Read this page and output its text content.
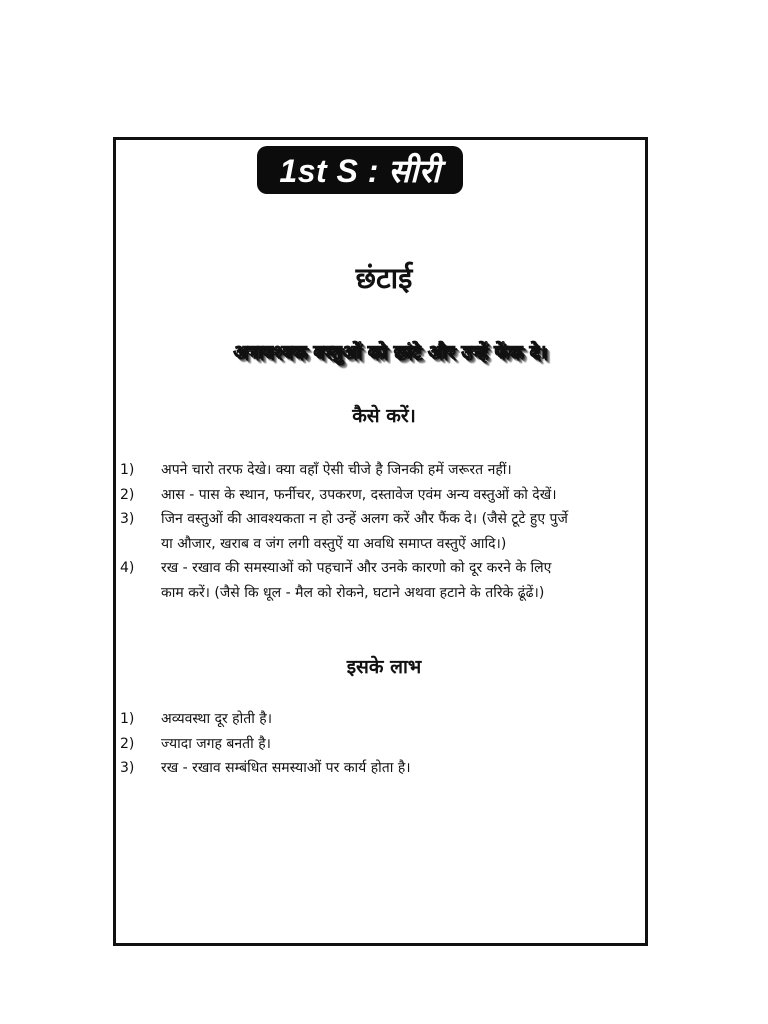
1st S : सीरी
छंटाई
अनावश्यक वस्तुओं को छांटे और उन्हें फेंक दे।
कैसे करें।
1)	अपने चारो तरफ देखे। क्या वहाँ ऐसी चीजे है जिनकी हमें जरूरत नहीं।
2)	आस - पास के स्थान, फर्नीचर, उपकरण, दस्तावेज एवंम अन्य वस्तुओं को देखें।
3)	जिन वस्तुओं की आवश्यकता न हो उन्हें अलग करें और फैंक दे। (जैसे टूटे हुए पुर्जे
या औजार, खराब व जंग लगी वस्तुऐं या अवधि समाप्त वस्तुऐं आदि।)
4)	रख - रखाव की समस्याओं को पहचानें और उनके कारणो को दूर करने के लिए
काम करें। (जैसे कि धूल - मैल को रोकने, घटाने अथवा हटाने के तरिके ढूंढें।)
इसके लाभ
1)	अव्यवस्था दूर होती है।
2)	ज्यादा जगह बनती है।
3)	रख - रखाव सम्बंधित समस्याओं पर कार्य होता है।
